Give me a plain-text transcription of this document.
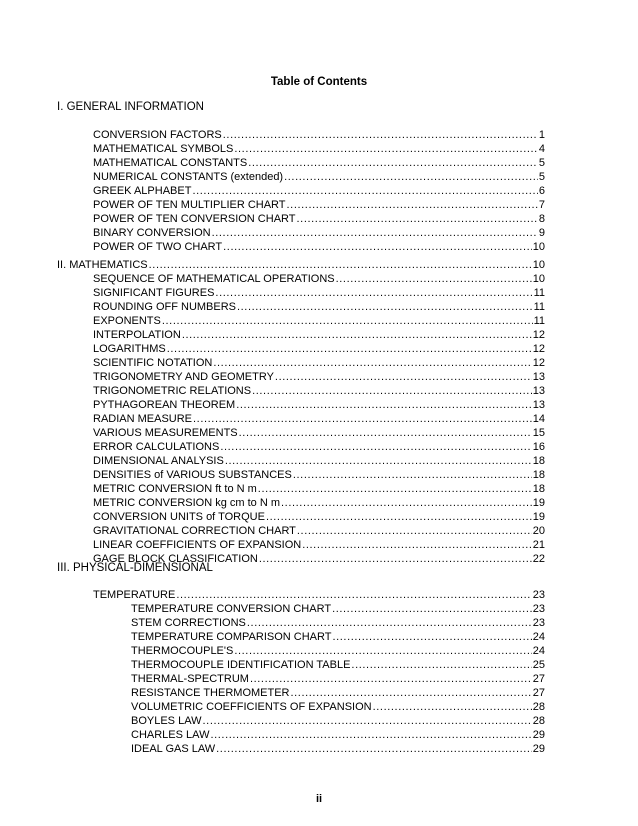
Table of Contents
I. GENERAL INFORMATION
CONVERSION FACTORS .....	1
MATHEMATICAL SYMBOLS .....	4
MATHEMATICAL CONSTANTS .....	5
NUMERICAL CONSTANTS (extended) .....	5
GREEK ALPHABET .....	6
POWER OF TEN MULTIPLIER CHART .....	7
POWER OF TEN CONVERSION CHART .....	8
BINARY CONVERSION .....	9
POWER OF TWO CHART .....	10
II. MATHEMATICS .....	10
SEQUENCE OF MATHEMATICAL OPERATIONS .....	10
SIGNIFICANT FIGURES .....	11
ROUNDING OFF NUMBERS .....	11
EXPONENTS .....	11
INTERPOLATION .....	12
LOGARITHMS .....	12
SCIENTIFIC NOTATION .....	12
TRIGONOMETRY AND GEOMETRY .....	13
TRIGONOMETRIC RELATIONS .....	13
PYTHAGOREAN THEOREM .....	13
RADIAN MEASURE .....	14
VARIOUS MEASUREMENTS .....	15
ERROR CALCULATIONS .....	16
DIMENSIONAL ANALYSIS .....	18
DENSITIES of VARIOUS SUBSTANCES .....	18
METRIC CONVERSION ft to N m .....	18
METRIC CONVERSION kg cm to N m .....	19
CONVERSION UNITS of TORQUE .....	19
GRAVITATIONAL CORRECTION CHART .....	20
LINEAR COEFFICIENTS OF EXPANSION .....	21
GAGE BLOCK CLASSIFICATION .....	22
III. PHYSICAL-DIMENSIONAL
TEMPERATURE .....	23
TEMPERATURE CONVERSION CHART .....	23
STEM CORRECTIONS .....	23
TEMPERATURE COMPARISON CHART .....	24
THERMOCOUPLE'S .....	24
THERMOCOUPLE IDENTIFICATION TABLE .....	25
THERMAL-SPECTRUM .....	27
RESISTANCE THERMOMETER .....	27
VOLUMETRIC COEFFICIENTS OF EXPANSION .....	28
BOYLES LAW .....	28
CHARLES LAW .....	29
IDEAL GAS LAW .....	29
ii
